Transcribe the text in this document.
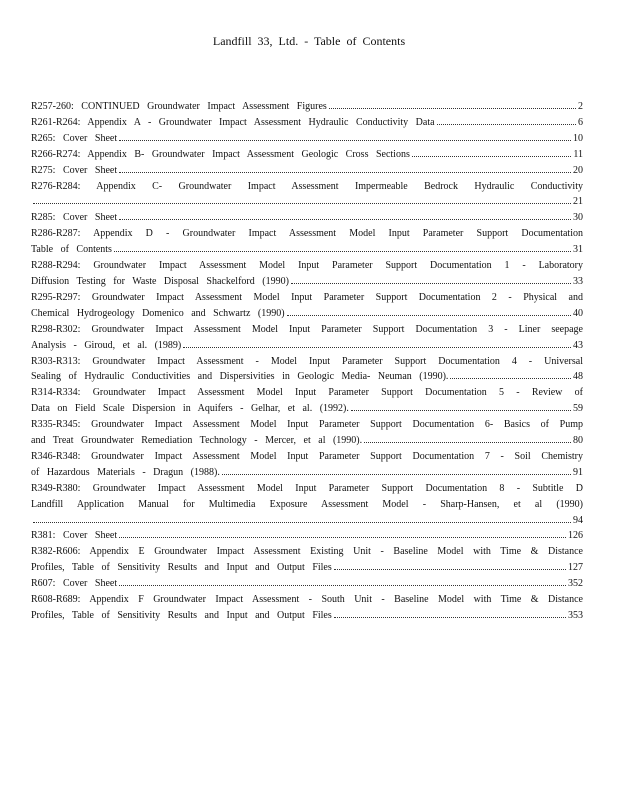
Landfill 33, Ltd. - Table of Contents
R257-260: CONTINUED Groundwater Impact Assessment Figures	2
R261-R264: Appendix A - Groundwater Impact Assessment Hydraulic Conductivity Data	6
R265: Cover Sheet	10
R266-R274: Appendix B- Groundwater Impact Assessment Geologic Cross Sections	11
R275: Cover Sheet	20
R276-R284: Appendix C- Groundwater Impact Assessment Impermeable Bedrock Hydraulic Conductivity
21
R285: Cover Sheet	30
R286-R287: Appendix D - Groundwater Impact Assessment Model Input Parameter Support Documentation
Table of Contents	31
R288-R294: Groundwater Impact Assessment Model Input Parameter Support Documentation 1 - Laboratory
Diffusion Testing for Waste Disposal Shackelford (1990)	33
R295-R297: Groundwater Impact Assessment Model Input Parameter Support Documentation 2 - Physical and
Chemical Hydrogeology Domenico and Schwartz (1990)	40
R298-R302: Groundwater Impact Assessment Model Input Parameter Support Documentation 3 - Liner seepage
Analysis - Giroud, et al. (1989)	43
R303-R313: Groundwater Impact Assessment - Model Input Parameter Support Documentation 4 - Universal
Sealing of Hydraulic Conductivities and Dispersivities in Geologic Media- Neuman (1990).	48
R314-R334: Groundwater Impact Assessment Model Input Parameter Support Documentation 5 - Review of
Data on Field Scale Dispersion in Aquifers - Gelhar, et al. (1992).	59
R335-R345: Groundwater Impact Assessment Model Input Parameter Support Documentation 6- Basics of Pump
and Treat Groundwater Remediation Technology - Mercer, et al (1990).	80
R346-R348: Groundwater Impact Assessment Model Input Parameter Support Documentation 7 - Soil Chemistry
of Hazardous Materials - Dragun (1988).	91
R349-R380: Groundwater Impact Assessment Model Input Parameter Support Documentation 8 - Subtitle D
Landfill Application Manual for Multimedia Exposure Assessment Model - Sharp-Hansen, et al (1990)
94
R381: Cover Sheet	126
R382-R606: Appendix E Groundwater Impact Assessment Existing Unit - Baseline Model with Time & Distance
Profiles, Table of Sensitivity Results and Input and Output Files	127
R607: Cover Sheet	352
R608-R689: Appendix F Groundwater Impact Assessment - South Unit - Baseline Model with Time & Distance
Profiles, Table of Sensitivity Results and Input and Output Files	353
